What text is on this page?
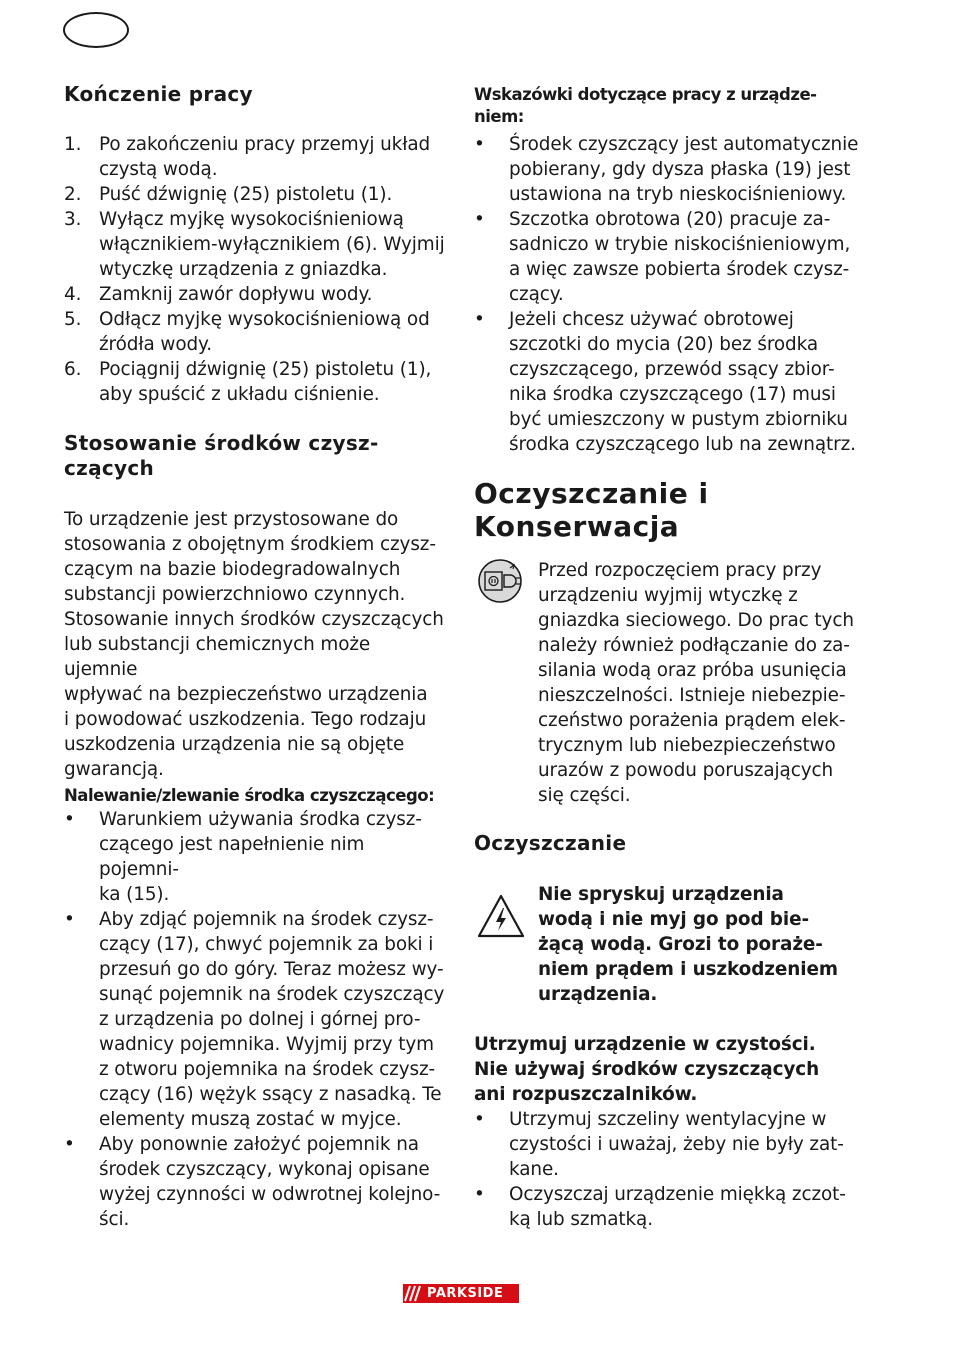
Kończenie pracy
1. Po zakończeniu pracy przemyj układ
czystą wodą.
2. Puść dźwignię (25) pistoletu (1).
3. Wyłącz myjkę wysokociśnieniową
włącznikiem-wyłącznikiem (6). Wyjmij
wtyczkę urządzenia z gniazdka.
4. Zamknij zawór dopływu wody.
5. Odłącz myjkę wysokociśnieniową od
źródła wody.
6. Pociągnij dźwignię (25) pistoletu (1),
aby spuścić z układu ciśnienie.
Stosowanie środków czysz-
czących
To urządzenie jest przystosowane do
stosowania z obojętnym środkiem czysz-
czącym na bazie biodegradowalnych
substancji powierzchniowo czynnych.
Stosowanie innych środków czyszczących
lub substancji chemicznych może ujemnie
wpływać na bezpieczeństwo urządzenia
i powodować uszkodzenia. Tego rodzaju
uszkodzenia urządzenia nie są objęte
gwarancją.
Nalewanie/zlewanie środka czyszczącego:
• Warunkiem używania środka czysz-
czącego jest napełnienie nim pojemni-
ka (15).
• Aby zdjąć pojemnik na środek czysz-
czący (17), chwyć pojemnik za boki i
przesuń go do góry. Teraz możesz wy-
sunąć pojemnik na środek czyszczący
z urządzenia po dolnej i górnej pro-
wadnicy pojemnika. Wyjmij przy tym
z otworu pojemnika na środek czysz-
czący (16) wężyk ssący z nasadką. Te
elementy muszą zostać w myjce.
• Aby ponownie założyć pojemnik na
środek czyszczący, wykonaj opisane
wyżej czynności w odwrotnej kolejno-
ści.
Wskazówki dotyczące pracy z urządze-
niem:
• Środek czyszczący jest automatycznie
pobierany, gdy dysza płaska (19) jest
ustawiona na tryb nieskociśnieniowy.
• Szczotka obrotowa (20) pracuje za-
sadniczo w trybie niskociśnieniowym,
a więc zawsze pobierta środek czysz-
czący.
• Jeżeli chcesz używać obrotowej
szczotki do mycia (20) bez środka
czyszczącego, przewód ssący zbior-
nika środka czyszczącego (17) musi
być umieszczony w pustym zbiorniku
środka czyszczącego lub na zewnątrz.
Oczyszczanie i
Konserwacja
Przed rozpoczęciem pracy przy
urządzeniu wyjmij wtyczkę z
gniazdka sieciowego. Do prac tych
należy również podłączanie do za-
silania wodą oraz próba usunięcia
nieszczelności. Istnieje niebezpie-
czeństwo porażenia prądem elek-
trycznym lub niebezpieczeństwo
urazów z powodu poruszających
się części.
Oczyszczanie
Nie spryskuj urządzenia
wodą i nie myj go pod bie-
żącą wodą. Grozi to poraże-
niem prądem i uszkodzeniem
urządzenia.
Utrzymuj urządzenie w czystości.
Nie używaj środków czyszczących
ani rozpuszczalników.
• Utrzymuj szczeliny wentylacyjne w
czystości i uważaj, żeby nie były zat-
kane.
• Oczyszczaj urządzenie miękką zczot-
ką lub szmatką.
PARKSIDE
